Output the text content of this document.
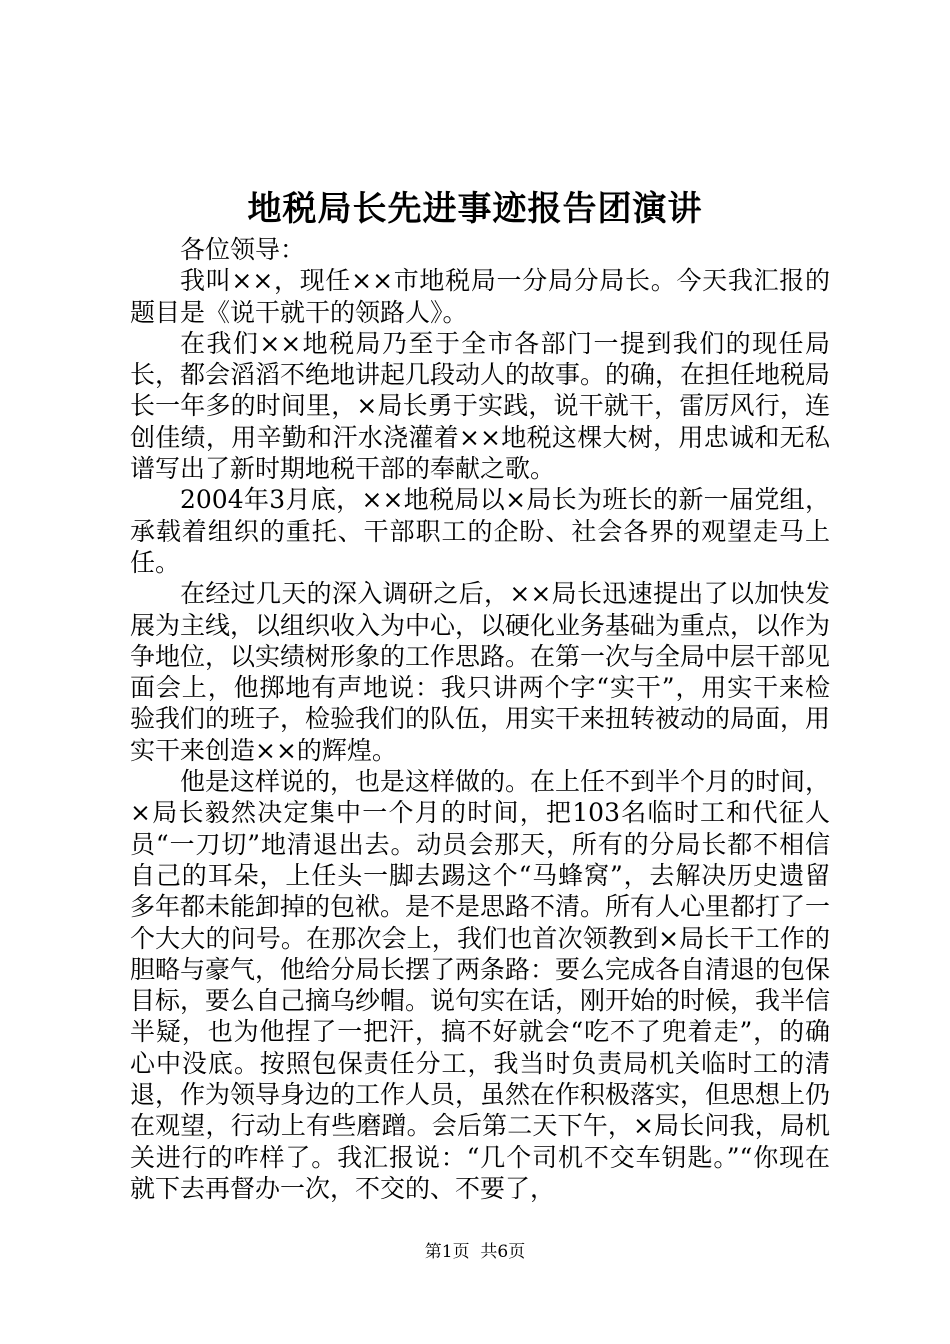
地税局长先进事迹报告团演讲

各位领导：

我叫××，现任××市地税局一分局分局长。今天我汇报的题目是《说干就干的领路人》。

在我们××地税局乃至于全市各部门一提到我们的现任局长，都会滔滔不绝地讲起几段动人的故事。的确，在担任地税局长一年多的时间里，×局长勇于实践，说干就干，雷厉风行，连创佳绩，用辛勤和汗水浇灌着××地税这棵大树，用忠诚和无私谱写出了新时期地税干部的奉献之歌。

2004年3月底，××地税局以×局长为班长的新一届党组，承载着组织的重托、干部职工的企盼、社会各界的观望走马上任。

在经过几天的深入调研之后，××局长迅速提出了以加快发展为主线，以组织收入为中心，以硬化业务基础为重点，以作为争地位，以实绩树形象的工作思路。在第一次与全局中层干部见面会上，他掷地有声地说：我只讲两个字“实干”，用实干来检验我们的班子，检验我们的队伍，用实干来扭转被动的局面，用实干来创造××的辉煌。

他是这样说的，也是这样做的。在上任不到半个月的时间，×局长毅然决定集中一个月的时间，把103名临时工和代征人员“一刀切”地清退出去。动员会那天，所有的分局长都不相信自己的耳朵，上任头一脚去踢这个“马蜂窝”，去解决历史遗留多年都未能卸掉的包袱。是不是思路不清。所有人心里都打了一个大大的问号。在那次会上，我们也首次领教到×局长干工作的胆略与豪气，他给分局长摆了两条路：要么完成各自清退的包保目标，要么自己摘乌纱帽。说句实在话，刚开始的时候，我半信半疑，也为他捏了一把汗，搞不好就会“吃不了兜着走”，的确心中没底。按照包保责任分工，我当时负责局机关临时工的清退，作为领导身边的工作人员，虽然在作积极落实，但思想上仍在观望，行动上有些磨蹭。会后第二天下午，×局长问我，局机关进行的咋样了。我汇报说：“几个司机不交车钥匙。”“你现在就下去再督办一次，不交的、不要了，

第1页  共6页
